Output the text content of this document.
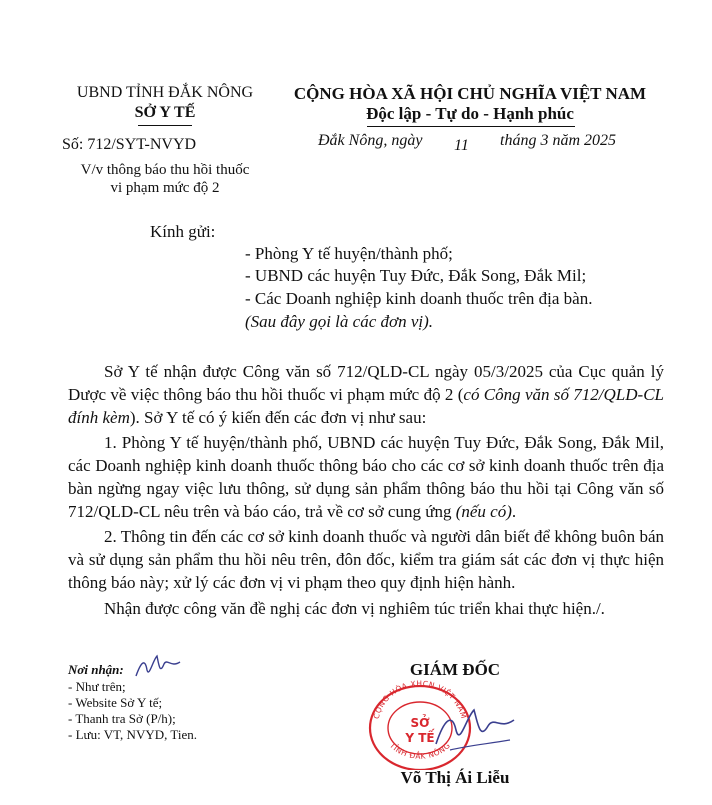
UBND TỈNH ĐẮK NÔNG
SỞ Y TẾ
Số: 712/SYT-NVYD
V/v thông báo thu hồi thuốc
vi phạm mức độ 2
CỘNG HÒA XÃ HỘI CHỦ NGHĨA VIỆT NAM
Độc lập - Tự do - Hạnh phúc
Đắk Nông, ngày 11 tháng 3 năm 2025
Kính gửi:
- Phòng Y tế huyện/thành phố;
- UBND các huyện Tuy Đức, Đắk Song, Đắk Mil;
- Các Doanh nghiệp kinh doanh thuốc trên địa bàn.
(Sau đây gọi là các đơn vị).

Sở Y tế nhận được Công văn số 712/QLD-CL ngày 05/3/2025 của Cục quản lý Dược về việc thông báo thu hồi thuốc vi phạm mức độ 2 (có Công văn số 712/QLD-CL đính kèm). Sở Y tế có ý kiến đến các đơn vị như sau:

1. Phòng Y tế huyện/thành phố, UBND các huyện Tuy Đức, Đắk Song, Đắk Mil, các Doanh nghiệp kinh doanh thuốc thông báo cho các cơ sở kinh doanh thuốc trên địa bàn ngừng ngay việc lưu thông, sử dụng sản phẩm thông báo thu hồi tại Công văn số 712/QLD-CL nêu trên và báo cáo, trả về cơ sở cung ứng (nếu có).

2. Thông tin đến các cơ sở kinh doanh thuốc và người dân biết để không buôn bán và sử dụng sản phẩm thu hồi nêu trên, đôn đốc, kiểm tra giám sát các đơn vị thực hiện thông báo này; xử lý các đơn vị vi phạm theo quy định hiện hành.

Nhận được công văn đề nghị các đơn vị nghiêm túc triển khai thực hiện./.

Nơi nhận:
- Như trên;
- Website Sở Y tế;
- Thanh tra Sở (P/h);
- Lưu: VT, NVYD, Tien.
GIÁM ĐỐC
CỘNG HÒA XHCN VIỆT NAM
TỈNH ĐẮK NÔNG
SỞ
Y TẾ
Võ Thị Ái Liễu
